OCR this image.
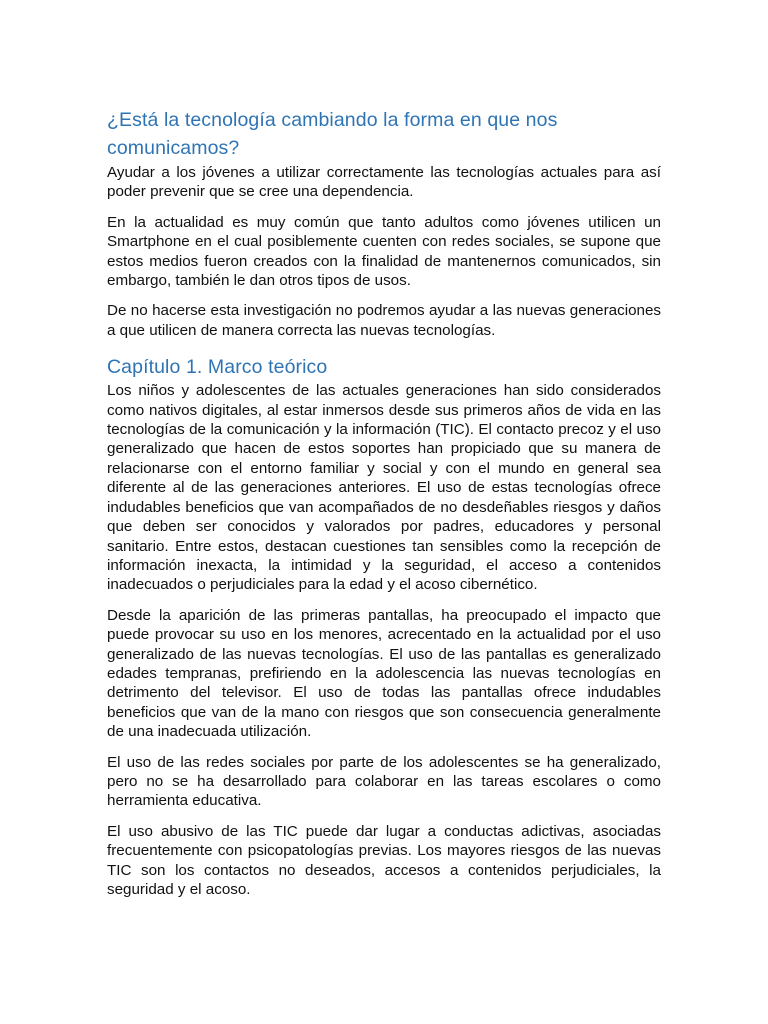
¿Está la tecnología cambiando la forma en que nos comunicamos?

Ayudar a los jóvenes a utilizar correctamente las tecnologías actuales para así poder prevenir que se cree una dependencia.

En la actualidad es muy común que tanto adultos como jóvenes utilicen un Smartphone en el cual posiblemente cuenten con redes sociales, se supone que estos medios fueron creados con la finalidad de mantenernos comunicados, sin embargo, también le dan otros tipos de usos.

De no hacerse esta investigación no podremos ayudar a las nuevas generaciones a que utilicen de manera correcta las nuevas tecnologías.

Capítulo 1. Marco teórico

Los niños y adolescentes de las actuales generaciones han sido considerados como nativos digitales, al estar inmersos desde sus primeros años de vida en las tecnologías de la comunicación y la información (TIC). El contacto precoz y el uso generalizado que hacen de estos soportes han propiciado que su manera de relacionarse con el entorno familiar y social y con el mundo en general sea diferente al de las generaciones anteriores. El uso de estas tecnologías ofrece indudables beneficios que van acompañados de no desdeñables riesgos y daños que deben ser conocidos y valorados por padres, educadores y personal sanitario. Entre estos, destacan cuestiones tan sensibles como la recepción de información inexacta, la intimidad y la seguridad, el acceso a contenidos inadecuados o perjudiciales para la edad y el acoso cibernético.

Desde la aparición de las primeras pantallas, ha preocupado el impacto que puede provocar su uso en los menores, acrecentado en la actualidad por el uso generalizado de las nuevas tecnologías. El uso de las pantallas es generalizado edades tempranas, prefiriendo en la adolescencia las nuevas tecnologías en detrimento del televisor. El uso de todas las pantallas ofrece indudables beneficios que van de la mano con riesgos que son consecuencia generalmente de una inadecuada utilización.

El uso de las redes sociales por parte de los adolescentes se ha generalizado, pero no se ha desarrollado para colaborar en las tareas escolares o como herramienta educativa.

El uso abusivo de las TIC puede dar lugar a conductas adictivas, asociadas frecuentemente con psicopatologías previas. Los mayores riesgos de las nuevas TIC son los contactos no deseados, accesos a contenidos perjudiciales, la seguridad y el acoso.
